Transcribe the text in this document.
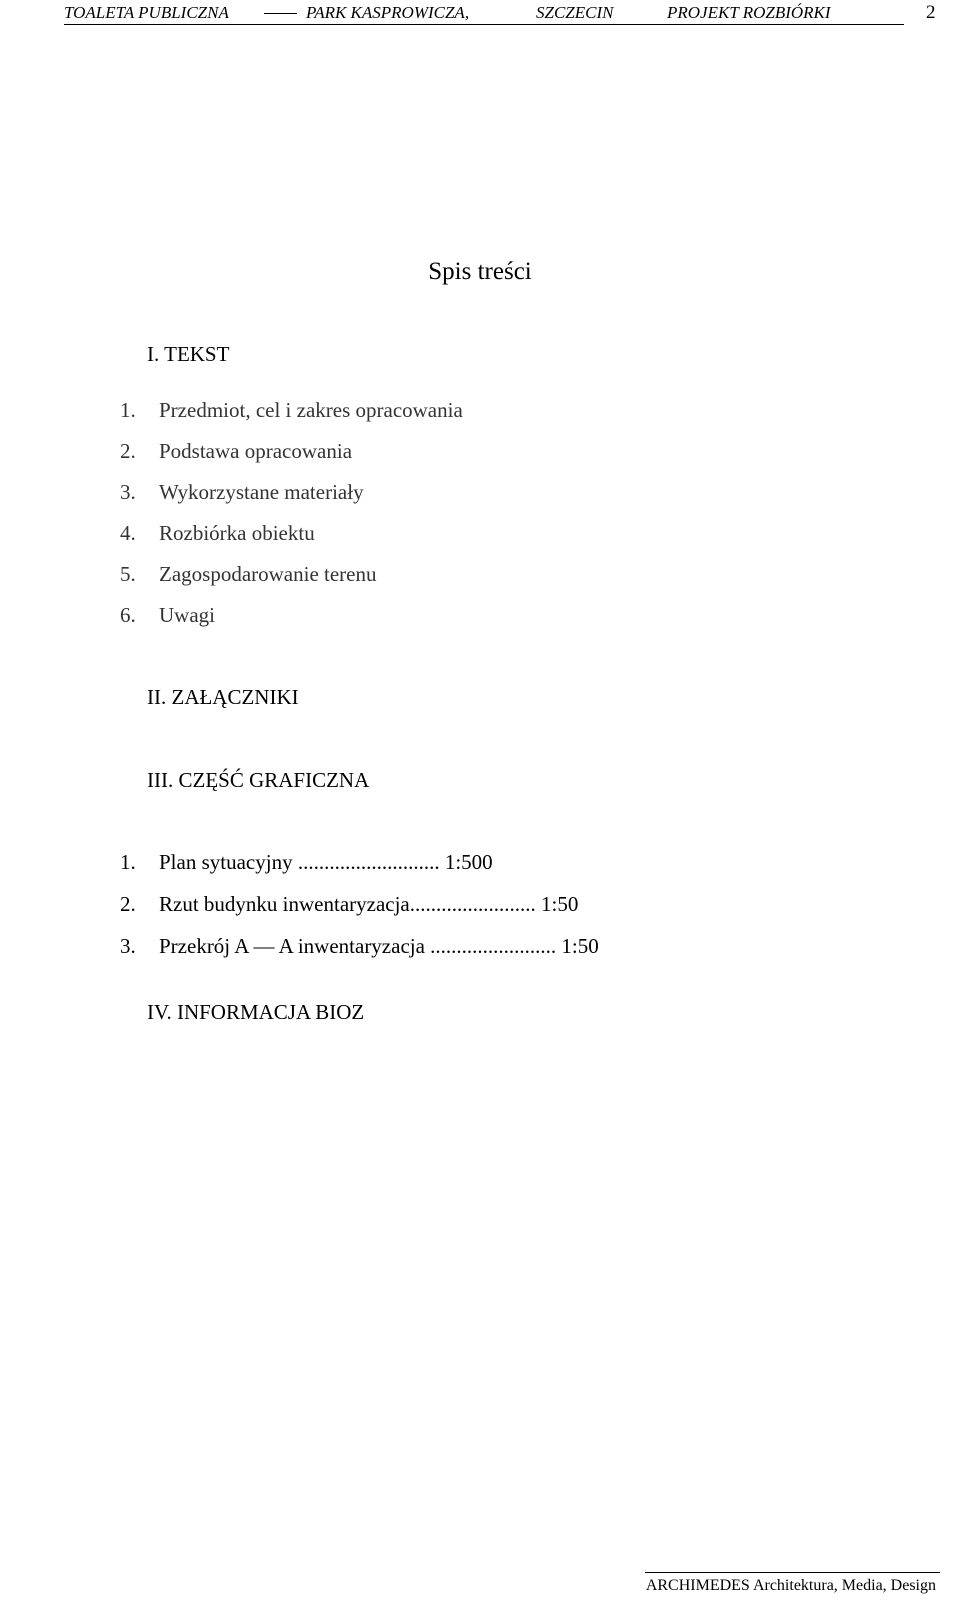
TOALETA PUBLICZNA	PARK KASPROWICZA,	SZCZECIN	PROJEKT ROZBIÓRKI	2
Spis treści
I. TEKST
1. Przedmiot, cel i zakres opracowania
2. Podstawa opracowania
3. Wykorzystane materiały
4. Rozbiórka obiektu
5. Zagospodarowanie terenu
6. Uwagi
II. ZAŁĄCZNIKI
III. CZĘŚĆ GRAFICZNA
1. Plan sytuacyjny ........................... 1:500
2. Rzut budynku inwentaryzacja........................ 1:50
3. Przekrój A — A inwentaryzacja ........................ 1:50
IV. INFORMACJA BIOZ
ARCHIMEDES Architektura, Media, Design
